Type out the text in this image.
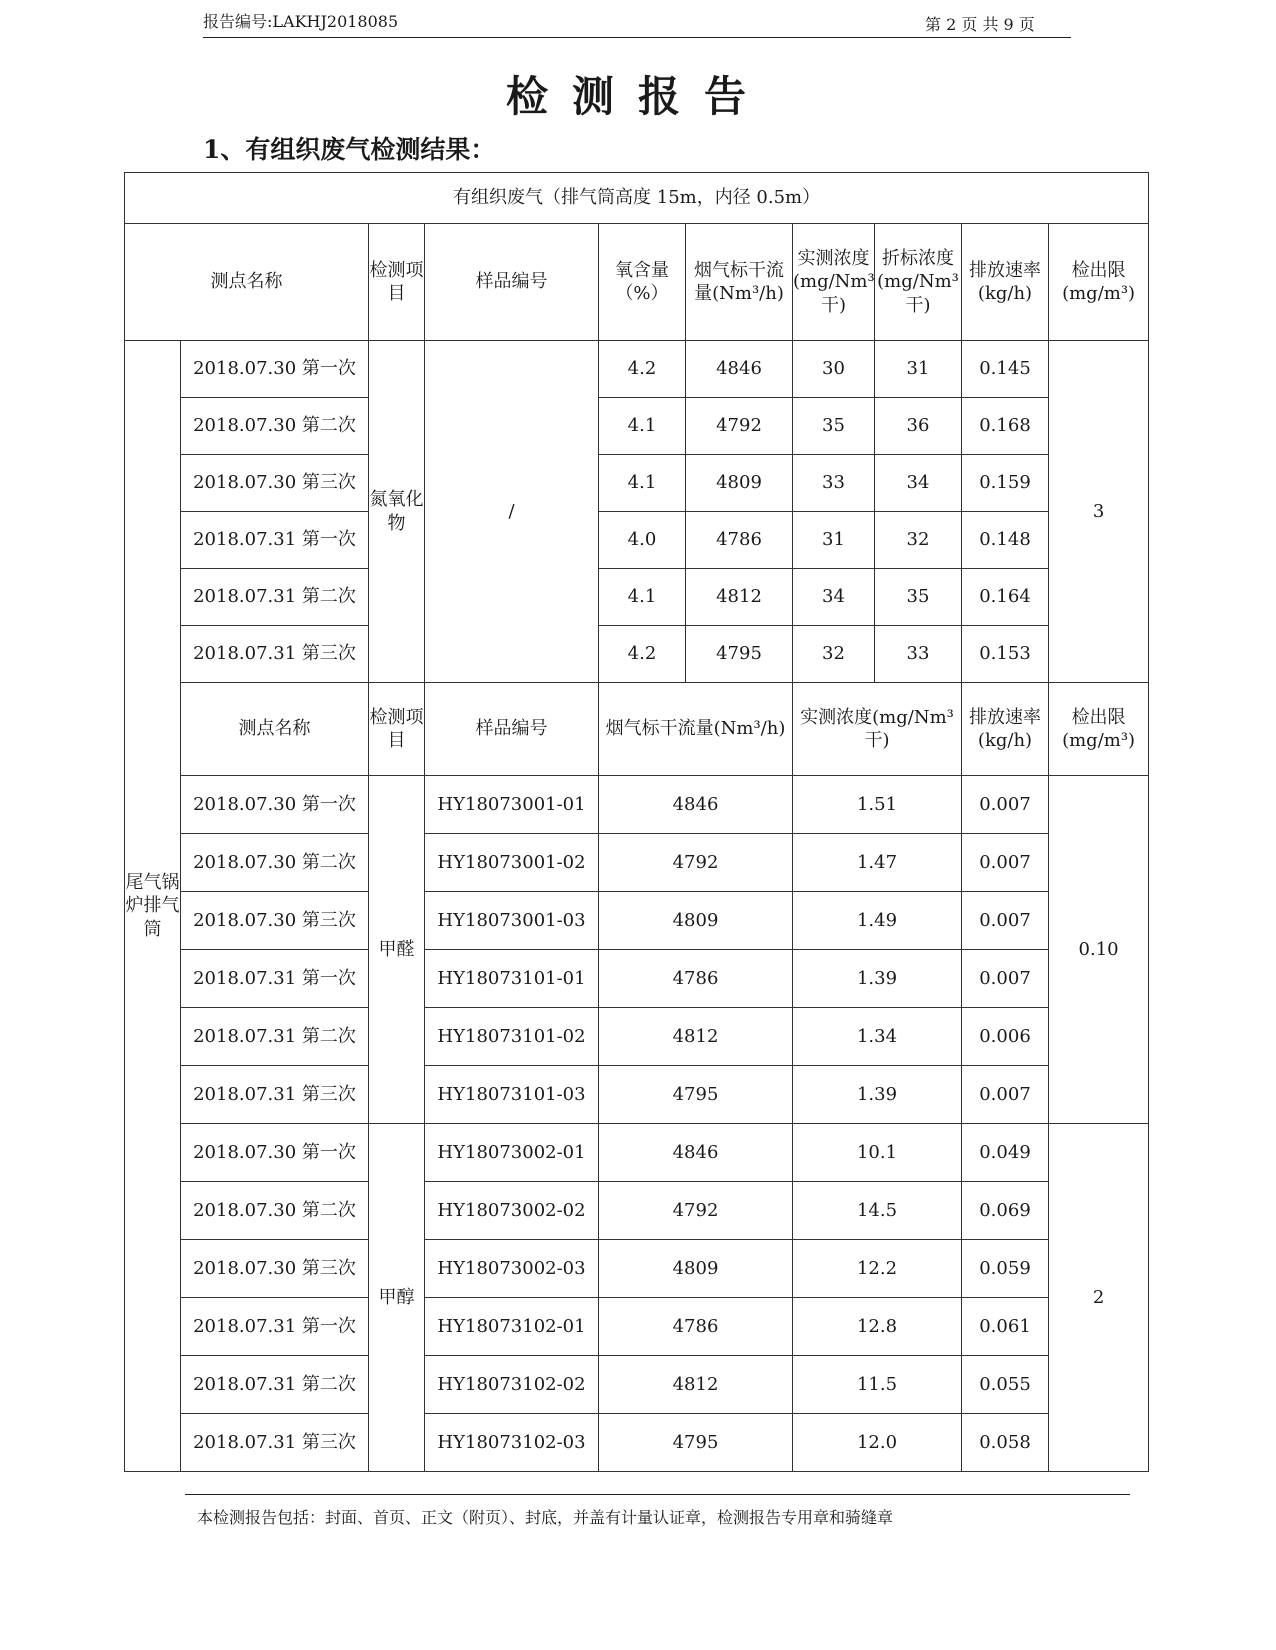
报告编号:LAKHJ2018085	第 2 页 共 9 页
检测报告
1、有组织废气检测结果：
有组织废气（排气筒高度 15m，内径 0.5m）									
测点名称		检测项目	样品编号	氧含量（%）	烟气标干流量(Nm³/h)	实测浓度(mg/Nm³干)	折标浓度(mg/Nm³干)	排放速率(kg/h)	检出限(mg/m³)
尾气锅炉排气筒	2018.07.30 第一次	氮氧化物	/	4.2	4846	30	31	0.145	3
	2018.07.30 第二次			4.1	4792	35	36	0.168	
	2018.07.30 第三次			4.1	4809	33	34	0.159	
	2018.07.31 第一次			4.0	4786	31	32	0.148	
	2018.07.31 第二次			4.1	4812	34	35	0.164	
	2018.07.31 第三次			4.2	4795	32	33	0.153	
	测点名称	检测项目	样品编号	烟气标干流量(Nm³/h)		实测浓度(mg/Nm³ 干)		排放速率(kg/h)	检出限(mg/m³)
	2018.07.30 第一次	甲醛	HY18073001-01	4846		1.51		0.007	0.10
	2018.07.30 第二次		HY18073001-02	4792		1.47		0.007	
	2018.07.30 第三次		HY18073001-03	4809		1.49		0.007	
	2018.07.31 第一次		HY18073101-01	4786		1.39		0.007	
	2018.07.31 第二次		HY18073101-02	4812		1.34		0.006	
	2018.07.31 第三次		HY18073101-03	4795		1.39		0.007	
	2018.07.30 第一次	甲醇	HY18073002-01	4846		10.1		0.049	2
	2018.07.30 第二次		HY18073002-02	4792		14.5		0.069	
	2018.07.30 第三次		HY18073002-03	4809		12.2		0.059	
	2018.07.31 第一次		HY18073102-01	4786		12.8		0.061	
	2018.07.31 第二次		HY18073102-02	4812		11.5		0.055	
	2018.07.31 第三次		HY18073102-03	4795		12.0		0.058	
本检测报告包括：封面、首页、正文（附页）、封底，并盖有计量认证章，检测报告专用章和骑缝章
